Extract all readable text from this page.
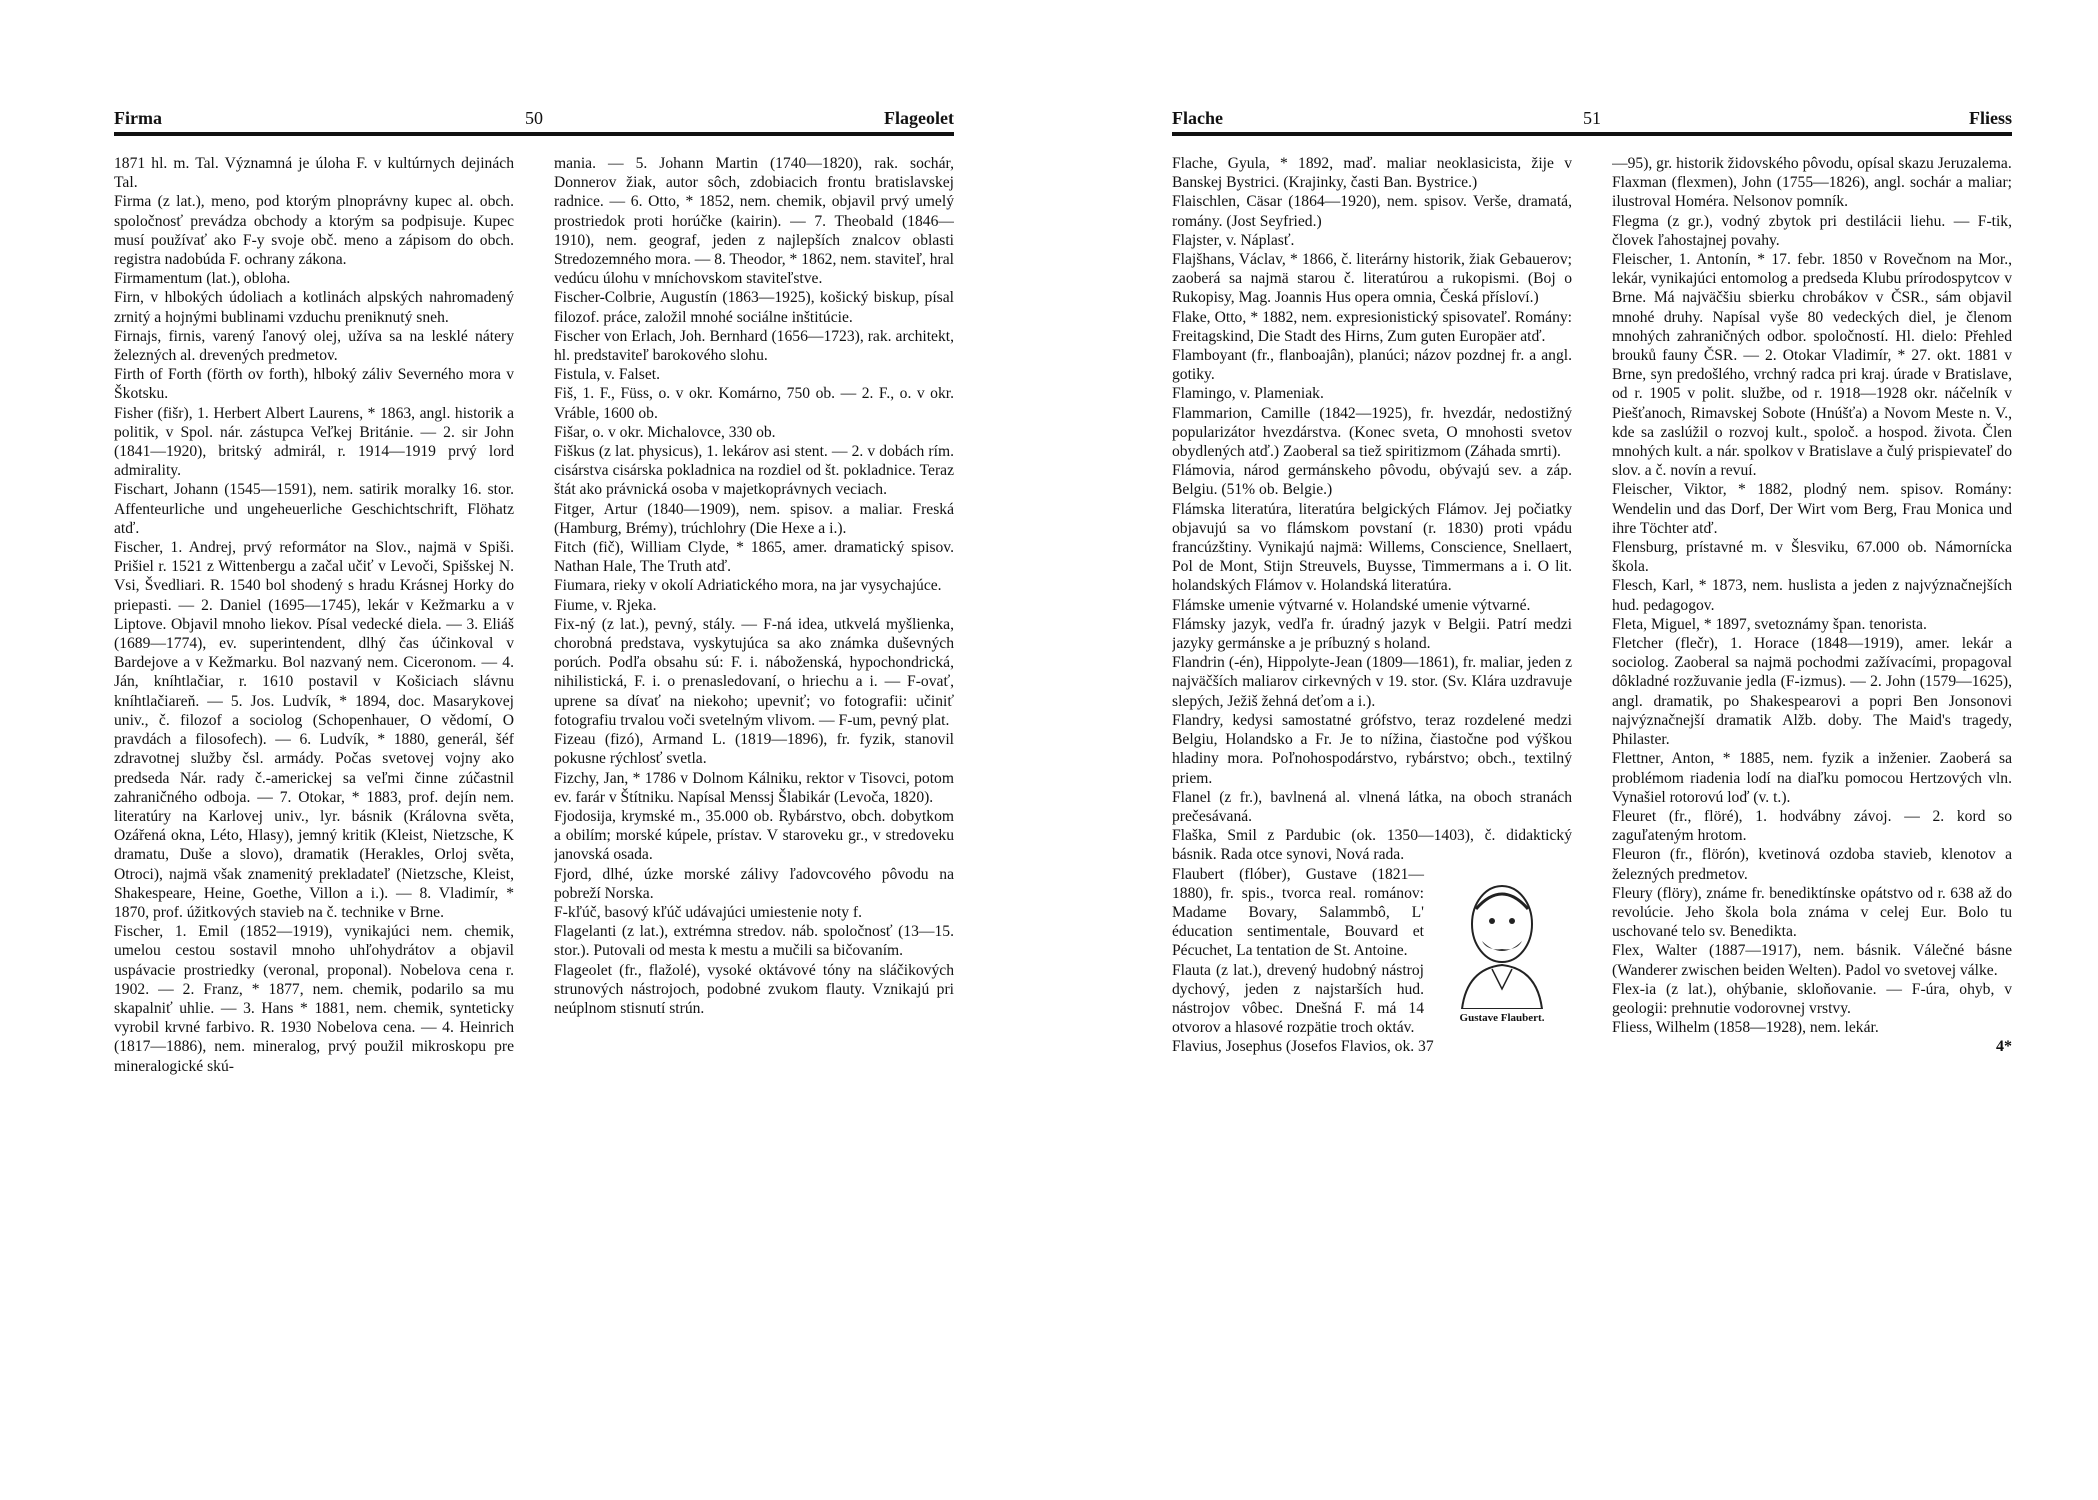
Firma	50	Flageolet

1871 hl. m. Tal. Významná je úloha F. v kultúrnych dejinách Tal.

Firma (z lat.), meno, pod ktorým plnoprávny kupec al. obch. spoločnosť prevádza obchody a ktorým sa podpisuje. Kupec musí používať ako F-y svoje obč. meno a zápisom do obch. registra nadobúda F. ochrany zákona.

Firmamentum (lat.), obloha.

Firn, v hlbokých údoliach a kotlinách alpských nahromadený zrnitý a hojnými bublinami vzduchu preniknutý sneh.

Firnajs, firnis, varený ľanový olej, užíva sa na lesklé nátery železných al. drevených predmetov.

Firth of Forth (förth ov forth), hlboký záliv Severného mora v Škotsku.

Fisher (fišr), 1. Herbert Albert Laurens, * 1863, angl. historik a politik, v Spol. nár. zástupca Veľkej Británie. — 2. sir John (1841—1920), britský admirál, r. 1914—1919 prvý lord admirality.

Fischart, Johann (1545—1591), nem. satirik moralky 16. stor. Affenteurliche und ungeheuerliche Geschichtschrift, Flöhatz atď.

Fischer, 1. Andrej, prvý reformátor na Slov., najmä v Spiši. Prišiel r. 1521 z Wittenbergu a začal učiť v Levoči, Spišskej N. Vsi, Švedliari. R. 1540 bol shodený s hradu Krásnej Horky do priepasti. — 2. Daniel (1695—1745), lekár v Kežmarku a v Liptove. Objavil mnoho liekov. Písal vedecké diela. — 3. Eliáš (1689—1774), ev. superintendent, dlhý čas účinkoval v Bardejove a v Kežmarku. Bol nazvaný nem. Ciceronom. — 4. Ján, kníhtlačiar, r. 1610 postavil v Košiciach slávnu kníhtlačiareň. — 5. Jos. Ludvík, * 1894, doc. Masarykovej univ., č. filozof a sociolog (Schopenhauer, O vědomí, O pravdách a filosofech). — 6. Ludvík, * 1880, generál, šéf zdravotnej služby čsl. armády. Počas svetovej vojny ako predseda Nár. rady č.-americkej sa veľmi činne zúčastnil zahraničného odboja. — 7. Otokar, * 1883, prof. dejín nem. literatúry na Karlovej univ., lyr. básnik (Královna světa, Ozářená okna, Léto, Hlasy), jemný kritik (Kleist, Nietzsche, K dramatu, Duše a slovo), dramatik (Herakles, Orloj světa, Otroci), najmä však znamenitý prekladateľ (Nietzsche, Kleist, Shakespeare, Heine, Goethe, Villon a i.). — 8. Vladimír, * 1870, prof. úžitkových stavieb na č. technike v Brne.

Fischer, 1. Emil (1852—1919), vynikajúci nem. chemik, umelou cestou sostavil mnoho uhľohydrátov a objavil uspávacie prostriedky (veronal, proponal). Nobelova cena r. 1902. — 2. Franz, * 1877, nem. chemik, podarilo sa mu skapalniť uhlie. — 3. Hans * 1881, nem. chemik, synteticky vyrobil krvné farbivo. R. 1930 Nobelova cena. — 4. Heinrich (1817—1886), nem. mineralog, prvý použil mikroskopu pre mineralogické skú-

mania. — 5. Johann Martin (1740—1820), rak. sochár, Donnerov žiak, autor sôch, zdobiacich frontu bratislavskej radnice. — 6. Otto, * 1852, nem. chemik, objavil prvý umelý prostriedok proti horúčke (kairin). — 7. Theobald (1846—1910), nem. geograf, jeden z najlepších znalcov oblasti Stredozemného mora. — 8. Theodor, * 1862, nem. staviteľ, hral vedúcu úlohu v mníchovskom staviteľstve.

Fischer-Colbrie, Augustín (1863—1925), košický biskup, písal filozof. práce, založil mnohé sociálne inštitúcie.

Fischer von Erlach, Joh. Bernhard (1656—1723), rak. architekt, hl. predstaviteľ barokového slohu.

Fistula, v. Falset.

Fiš, 1. F., Füss, o. v okr. Komárno, 750 ob. — 2. F., o. v okr. Vráble, 1600 ob.

Fišar, o. v okr. Michalovce, 330 ob.

Fiškus (z lat. physicus), 1. lekárov asi stent. — 2. v dobách rím. cisárstva cisárska pokladnica na rozdiel od št. pokladnice. Teraz štát ako právnická osoba v majetkoprávnych veciach.

Fitger, Artur (1840—1909), nem. spisov. a maliar. Freská (Hamburg, Brémy), trúchlohry (Die Hexe a i.).

Fitch (fič), William Clyde, * 1865, amer. dramatický spisov. Nathan Hale, The Truth atď.

Fiumara, rieky v okolí Adriatického mora, na jar vysychajúce.

Fiume, v. Rjeka.

Fix-ný (z lat.), pevný, stály. — F-ná idea, utkvelá myšlienka, chorobná predstava, vyskytujúca sa ako známka duševných porúch. Podľa obsahu sú: F. i. náboženská, hypochondrická, nihilistická, F. i. o prenasledovaní, o hriechu a i. — F-ovať, uprene sa dívať na niekoho; upevniť; vo fotografii: učiniť fotografiu trvalou voči svetelným vlivom. — F-um, pevný plat.

Fizeau (fizó), Armand L. (1819—1896), fr. fyzik, stanovil pokusne rýchlosť svetla.

Fizchy, Jan, * 1786 v Dolnom Kálniku, rektor v Tisovci, potom ev. farár v Štítniku. Napísal Menssj Šlabikár (Levoča, 1820).

Fjodosija, krymské m., 35.000 ob. Rybárstvo, obch. dobytkom a obilím; morské kúpele, prístav. V staroveku gr., v stredoveku janovská osada.

Fjord, dlhé, úzke morské zálivy ľadovcového pôvodu na pobreží Norska.

F-kľúč, basový kľúč udávajúci umiestenie noty f.

Flagelanti (z lat.), extrémna stredov. náb. spoločnosť (13—15. stor.). Putovali od mesta k mestu a mučili sa bičovaním.

Flageolet (fr., flažolé), vysoké oktávové tóny na sláčikových strunových nástrojoch, podobné zvukom flauty. Vznikajú pri neúplnom stisnutí strún.

Flache	51	Fliess

Flache, Gyula, * 1892, maď. maliar neoklasicista, žije v Banskej Bystrici. (Krajinky, časti Ban. Bystrice.)

Flaischlen, Cäsar (1864—1920), nem. spisov. Verše, dramatá, romány. (Jost Seyfried.)

Flajster, v. Náplasť.

Flajšhans, Václav, * 1866, č. literárny historik, žiak Gebauerov; zaoberá sa najmä starou č. literatúrou a rukopismi. (Boj o Rukopisy, Mag. Joannis Hus opera omnia, Česká přísloví.)

Flake, Otto, * 1882, nem. expresionistický spisovateľ. Romány: Freitagskind, Die Stadt des Hirns, Zum guten Europäer atď.

Flamboyant (fr., flanboajân), planúci; názov pozdnej fr. a angl. gotiky.

Flamingo, v. Plameniak.

Flammarion, Camille (1842—1925), fr. hvezdár, nedostižný popularizátor hvezdárstva. (Konec sveta, O mnohosti svetov obydlených atď.) Zaoberal sa tiež spiritizmom (Záhada smrti).

Flámovia, národ germánskeho pôvodu, obývajú sev. a záp. Belgiu. (51% ob. Belgie.)

Flámska literatúra, literatúra belgických Flámov. Jej počiatky objavujú sa vo flámskom povstaní (r. 1830) proti vpádu francúzštiny. Vynikajú najmä: Willems, Conscience, Snellaert, Pol de Mont, Stijn Streuvels, Buysse, Timmermans a i. O lit. holandských Flámov v. Holandská literatúra.

Flámske umenie výtvarné v. Holandské umenie výtvarné.

Flámsky jazyk, vedľa fr. úradný jazyk v Belgii. Patrí medzi jazyky germánske a je príbuzný s holand.

Flandrin (-én), Hippolyte-Jean (1809—1861), fr. maliar, jeden z najväčších maliarov cirkevných v 19. stor. (Sv. Klára uzdravuje slepých, Ježiš žehná deťom a i.).

Flandry, kedysi samostatné grófstvo, teraz rozdelené medzi Belgiu, Holandsko a Fr. Je to nížina, čiastočne pod výškou hladiny mora. Poľnohospodárstvo, rybárstvo; obch., textilný priem.

Flanel (z fr.), bavlnená al. vlnená látka, na oboch stranách prečesávaná.

Flaška, Smil z Pardubic (ok. 1350—1403), č. didaktický básnik. Rada otce synovi, Nová rada.

Gustave Flaubert.

Flaubert (flóber), Gustave (1821—1880), fr. spis., tvorca real. románov: Madame Bovary, Salammbô, L' éducation sentimentale, Bouvard et Pécuchet, La tentation de St. Antoine.

Flauta (z lat.), drevený hudobný nástroj dychový, jeden z najstarších hud. nástrojov vôbec. Dnešná F. má 14 otvorov a hlasové rozpätie troch oktáv.

Flavius, Josephus (Josefos Flavios, ok. 37

—95), gr. historik židovského pôvodu, opísal skazu Jeruzalema.

Flaxman (flexmen), John (1755—1826), angl. sochár a maliar; ilustroval Homéra. Nelsonov pomník.

Flegma (z gr.), vodný zbytok pri destilácii liehu. — F-tik, človek ľahostajnej povahy.

Fleischer, 1. Antonín, * 17. febr. 1850 v Rovečnom na Mor., lekár, vynikajúci entomolog a predseda Klubu prírodospytcov v Brne. Má najväčšiu sbierku chrobákov v ČSR., sám objavil mnohé druhy. Napísal vyše 80 vedeckých diel, je členom mnohých zahraničných odbor. spoločností. Hl. dielo: Přehled brouků fauny ČSR. — 2. Otokar Vladimír, * 27. okt. 1881 v Brne, syn predošlého, vrchný radca pri kraj. úrade v Bratislave, od r. 1905 v polit. službe, od r. 1918—1928 okr. náčelník v Piešťanoch, Rimavskej Sobote (Hnúšťa) a Novom Meste n. V., kde sa zaslúžil o rozvoj kult., spoloč. a hospod. života. Člen mnohých kult. a nár. spolkov v Bratislave a čulý prispievateľ do slov. a č. novín a revuí.

Fleischer, Viktor, * 1882, plodný nem. spisov. Romány: Wendelin und das Dorf, Der Wirt vom Berg, Frau Monica und ihre Töchter atď.

Flensburg, prístavné m. v Šlesviku, 67.000 ob. Námornícka škola.

Flesch, Karl, * 1873, nem. huslista a jeden z najvýznačnejších hud. pedagogov.

Fleta, Miguel, * 1897, svetoznámy špan. tenorista.

Fletcher (flečr), 1. Horace (1848—1919), amer. lekár a sociolog. Zaoberal sa najmä pochodmi zažívacími, propagoval dôkladné rozžuvanie jedla (F-izmus). — 2. John (1579—1625), angl. dramatik, po Shakespearovi a popri Ben Jonsonovi najvýznačnejší dramatik Alžb. doby. The Maid's tragedy, Philaster.

Flettner, Anton, * 1885, nem. fyzik a inženier. Zaoberá sa problémom riadenia lodí na diaľku pomocou Hertzových vln. Vynašiel rotorovú loď (v. t.).

Fleuret (fr., flöré), 1. hodvábny závoj. — 2. kord so zaguľateným hrotom.

Fleuron (fr., flörón), kvetinová ozdoba stavieb, klenotov a železných predmetov.

Fleury (flöry), známe fr. benediktínske opátstvo od r. 638 až do revolúcie. Jeho škola bola známa v celej Eur. Bolo tu uschované telo sv. Benedikta.

Flex, Walter (1887—1917), nem. básnik. Válečné básne (Wanderer zwischen beiden Welten). Padol vo svetovej válke.

Flex-ia (z lat.), ohýbanie, skloňovanie. — F-úra, ohyb, v geologii: prehnutie vodorovnej vrstvy.

Fliess, Wilhelm (1858—1928), nem. lekár.

4*
